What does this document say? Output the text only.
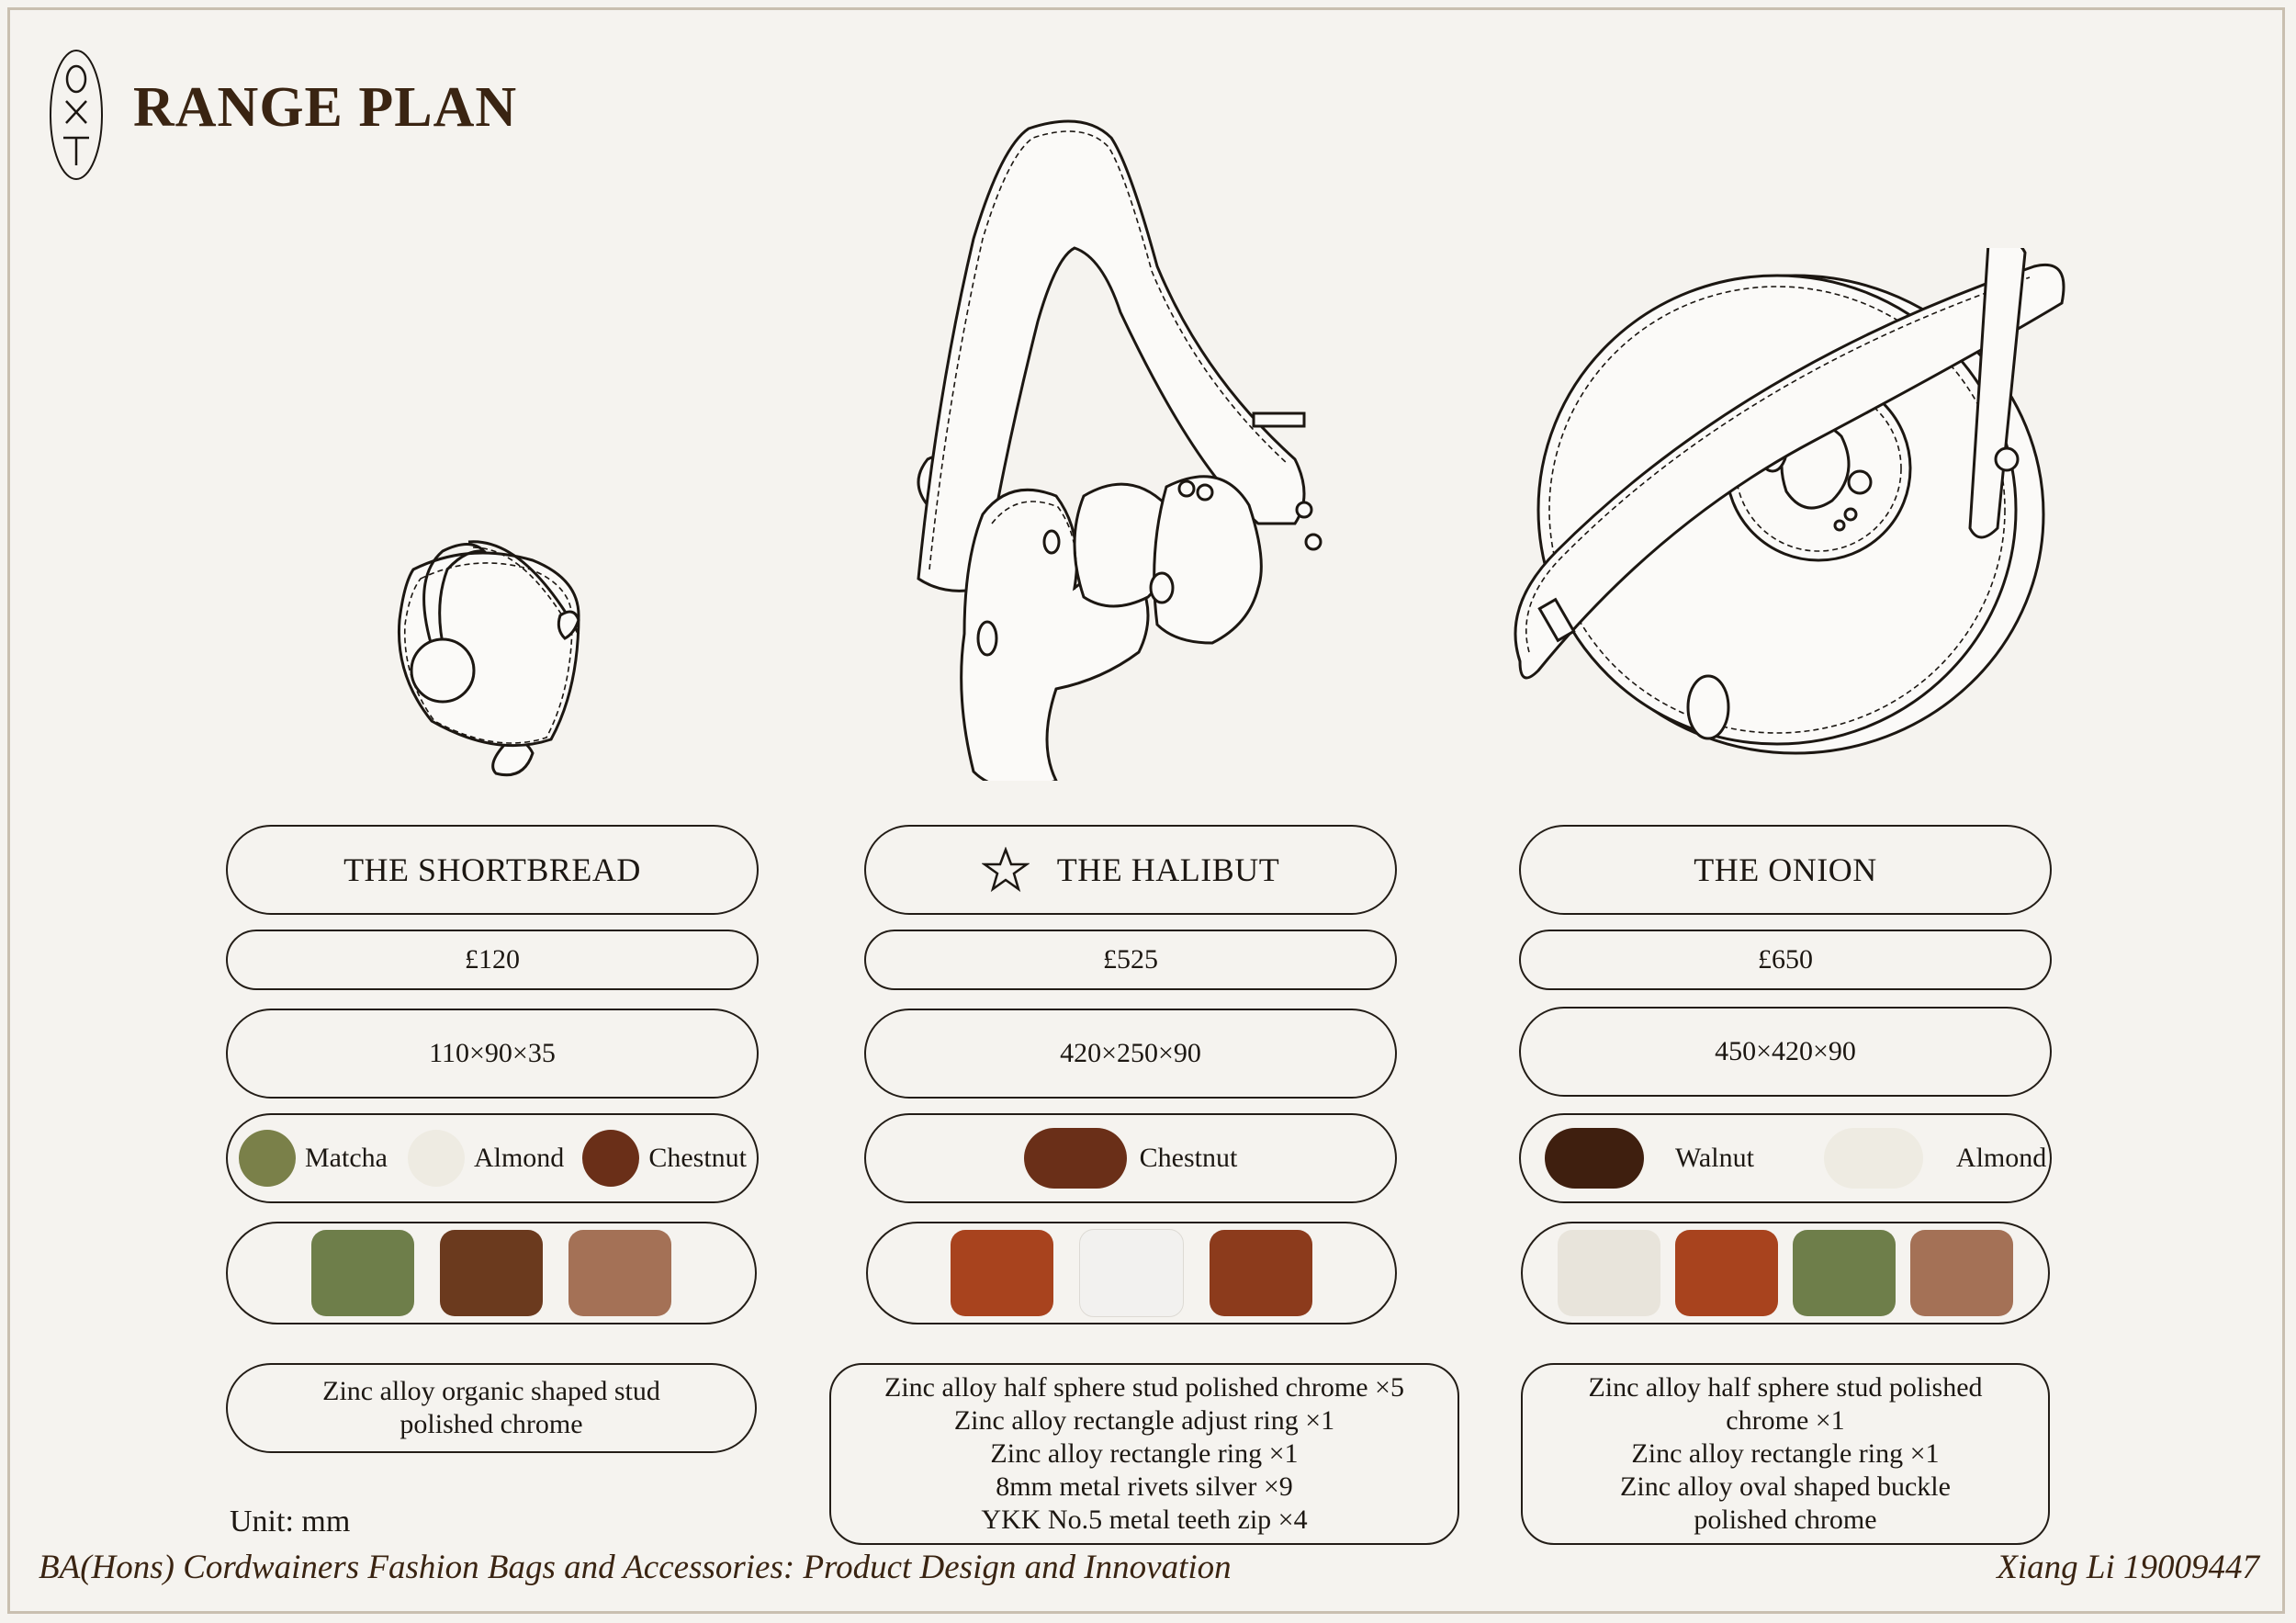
RANGE PLAN
THE SHORTBREAD
£120
110×90×35
Matcha	Almond	Chestnut
Zinc alloy organic shaped stud
polished chrome
THE HALIBUT
£525
420×250×90
Chestnut
Zinc alloy half sphere stud polished chrome ×5
Zinc alloy rectangle adjust ring ×1
Zinc alloy rectangle ring ×1
8mm metal rivets silver ×9
YKK No.5 metal teeth zip ×4
THE ONION
£650
450×420×90
Walnut	Almond
Zinc alloy half sphere stud polished
chrome ×1
Zinc alloy rectangle ring ×1
Zinc alloy oval shaped buckle
polished chrome
Unit: mm
BA(Hons) Cordwainers Fashion Bags and Accessories: Product Design and Innovation	Xiang Li 19009447
